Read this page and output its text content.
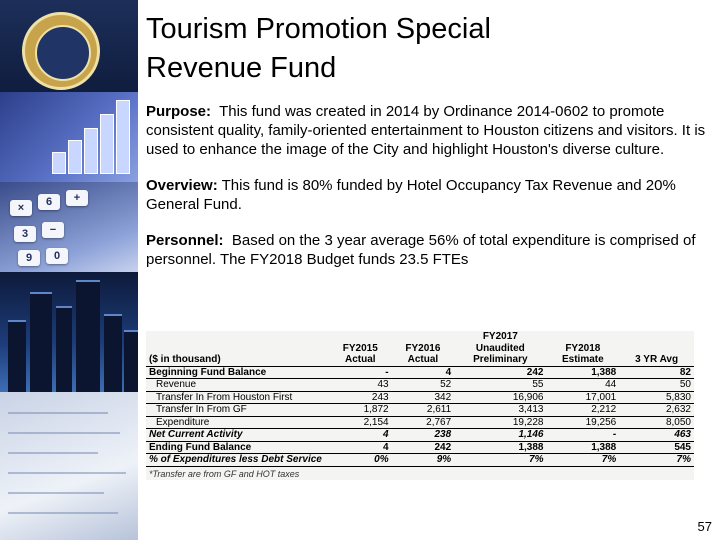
×	6	+
3	−
9	0
Tourism Promotion Special
Revenue Fund

Purpose: This fund was created in 2014 by Ordinance 2014-0602 to promote consistent quality, family-oriented entertainment to Houston citizens and visitors. It is used to enhance the image of the City and highlight Houston's diverse culture.

Overview: This fund is 80% funded by Hotel Occupancy Tax Revenue and 20% General Fund.

Personnel: Based on the 3 year average 56% of total expenditure is comprised of personnel. The FY2018 Budget funds 23.5 FTEs

			FY2017		
	FY2015	FY2016	Unaudited	FY2018	
($ in thousand)	Actual	Actual	Preliminary	Estimate	3 YR Avg
Beginning Fund Balance	-	4	242	1,388	82
Revenue	43	52	55	44	50
Transfer In From Houston First	243	342	16,906	17,001	5,830
Transfer In From GF	1,872	2,611	3,413	2,212	2,632
Expenditure	2,154	2,767	19,228	19,256	8,050
Net Current Activity	4	238	1,146	-	463
Ending Fund Balance	4	242	1,388	1,388	545
% of Expenditures less Debt Service	0%	9%	7%	7%	7%
*Transfer are from GF and HOT taxes					
57
